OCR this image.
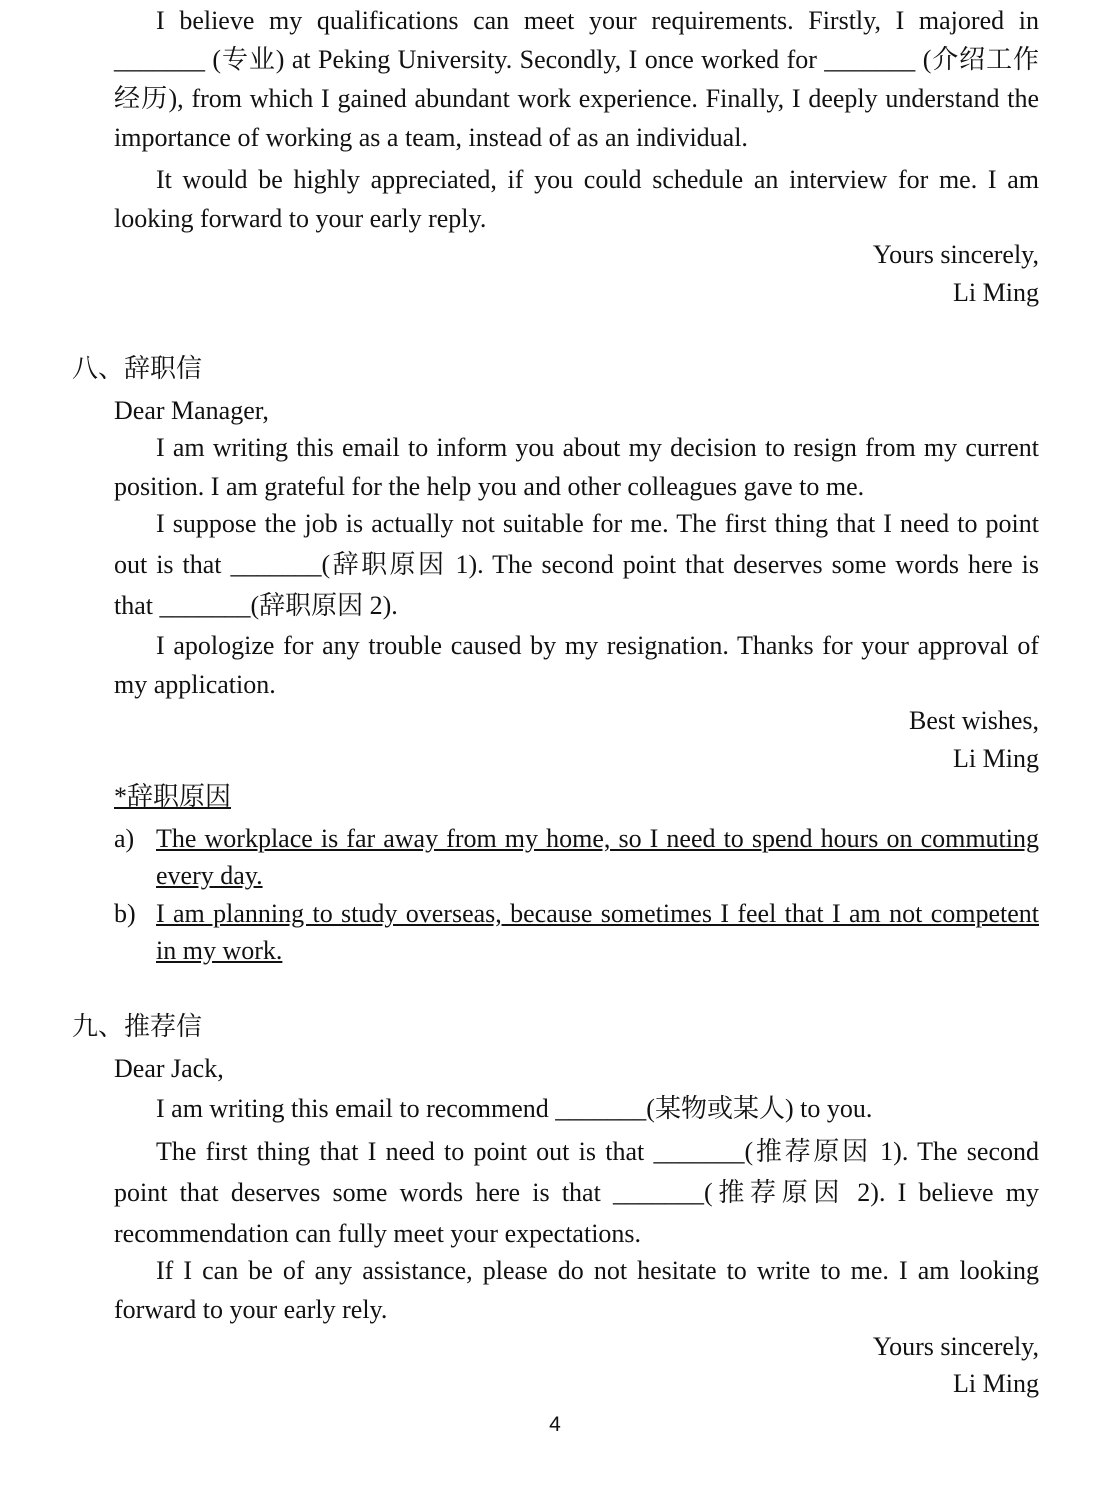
I believe my qualifications can meet your requirements. Firstly, I majored in _______ (专业) at Peking University. Secondly, I once worked for _______ (介绍工作经历), from which I gained abundant work experience. Finally, I deeply understand the importance of working as a team, instead of as an individual.

It would be highly appreciated, if you could schedule an interview for me. I am looking forward to your early reply.

Yours sincerely,

Li Ming

八、辞职信

Dear Manager,

I am writing this email to inform you about my decision to resign from my current position. I am grateful for the help you and other colleagues gave to me.

I suppose the job is actually not suitable for me. The first thing that I need to point out is that _______(辞职原因 1). The second point that deserves some words here is that _______(辞职原因 2).

I apologize for any trouble caused by my resignation. Thanks for your approval of my application.

Best wishes,

Li Ming

*辞职原因

a) The workplace is far away from my home, so I need to spend hours on commuting every day.
b) I am planning to study overseas, because sometimes I feel that I am not competent in my work.

九、推荐信

Dear Jack,

I am writing this email to recommend _______(某物或某人) to you.

The first thing that I need to point out is that _______(推荐原因 1). The second point that deserves some words here is that _______(推荐原因 2). I believe my recommendation can fully meet your expectations.

If I can be of any assistance, please do not hesitate to write to me. I am looking forward to your early rely.

Yours sincerely,

Li Ming

4
